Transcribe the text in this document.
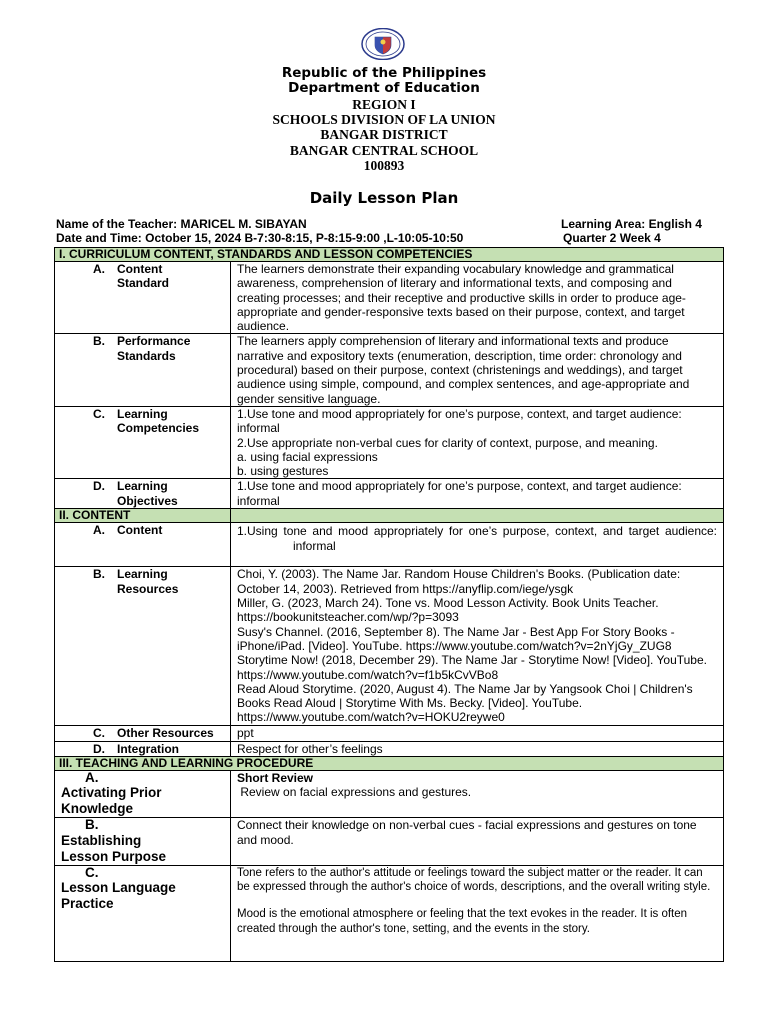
Republic of the Philippines
Department of Education
REGION I
SCHOOLS DIVISION OF LA UNION
BANGAR DISTRICT
BANGAR CENTRAL SCHOOL
100893
Daily Lesson Plan
Name of the Teacher: MARICEL M. SIBAYAN
Date and Time: October 15, 2024 B-7:30-8:15, P-8:15-9:00 ,L-10:05-10:50
Learning Area: English 4
Quarter 2 Week 4
I. CURRICULUM CONTENT, STANDARDS AND LESSON COMPETENCIES	
A. Content Standard	The learners demonstrate their expanding vocabulary knowledge and grammatical awareness, comprehension of literary and informational texts, and composing and creating processes; and their receptive and productive skills in order to produce age-appropriate and gender-responsive texts based on their purpose, context, and target audience.
B. Performance Standards	The learners apply comprehension of literary and informational texts and produce narrative and expository texts (enumeration, description, time order: chronology and procedural) based on their purpose, context (christenings and weddings), and target audience using simple, compound, and complex sentences, and age-appropriate and gender sensitive language.
C. Learning Competencies	1.Use tone and mood appropriately for one’s purpose, context, and target audience: informal
2.Use appropriate non-verbal cues for clarity of context, purpose, and meaning.
a. using facial expressions
b. using gestures

D. Learning Objectives	1.Use tone and mood appropriately for one’s purpose, context, and target audience: informal
II. CONTENT	
A. Content	1.Using tone and mood appropriately for one’s purpose, context, and target audience:
informal

B. Learning Resources	Choi, Y. (2003). The Name Jar. Random House Children's Books. (Publication date: October 14, 2003). Retrieved from https://anyflip.com/iege/ysgk
Miller, G. (2023, March 24). Tone vs. Mood Lesson Activity. Book Units Teacher. https://bookunitsteacher.com/wp/?p=3093
Susy's Channel. (2016, September 8). The Name Jar - Best App For Story Books - iPhone/iPad. [Video]. YouTube. https://www.youtube.com/watch?v=2nYjGy_ZUG8
Storytime Now! (2018, December 29). The Name Jar - Storytime Now! [Video]. YouTube. https://www.youtube.com/watch?v=f1b5kCvVBo8
Read Aloud Storytime. (2020, August 4). The Name Jar by Yangsook Choi | Children's Books Read Aloud | Storytime With Ms. Becky. [Video]. YouTube. https://www.youtube.com/watch?v=HOKU2reywe0

C. Other Resources	ppt
D. Integration	Respect for other’s feelings
III. TEACHING AND LEARNING PROCEDURE	
A.Activating Prior Knowledge	Short Review
Review on facial expressions and gestures.

B.Establishing Lesson Purpose	Connect their knowledge on non-verbal cues - facial expressions and gestures on tone and mood.
C.Lesson Language Practice	Tone refers to the author's attitude or feelings toward the subject matter or the reader. It can be expressed through the author's choice of words, descriptions, and the overall writing style.
Mood is the emotional atmosphere or feeling that the text evokes in the reader. It is often created through the author's tone, setting, and the events in the story.
